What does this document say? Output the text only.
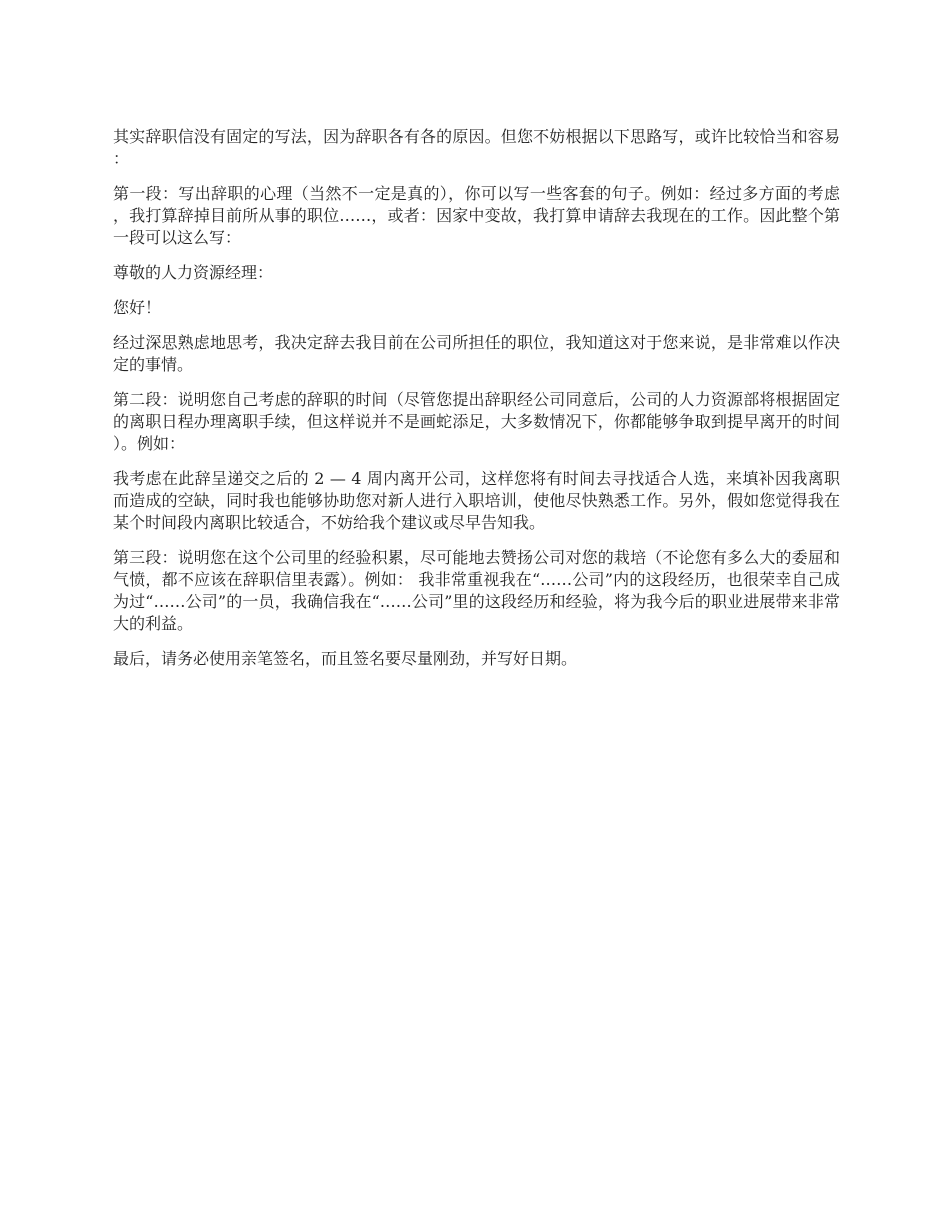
其实辞职信没有固定的写法，因为辞职各有各的原因。但您不妨根据以下思路写，或许比较恰当和容易：

第一段：写出辞职的心理（当然不一定是真的），你可以写一些客套的句子。例如：经过多方面的考虑，我打算辞掉目前所从事的职位……，或者：因家中变故，我打算申请辞去我现在的工作。因此整个第一段可以这么写：

尊敬的人力资源经理：

您好！

经过深思熟虑地思考，我决定辞去我目前在公司所担任的职位，我知道这对于您来说，是非常难以作决定的事情。

第二段：说明您自己考虑的辞职的时间（尽管您提出辞职经公司同意后，公司的人力资源部将根据固定的离职日程办理离职手续，但这样说并不是画蛇添足，大多数情况下，你都能够争取到提早离开的时间）。例如：

我考虑在此辞呈递交之后的 2 — 4 周内离开公司，这样您将有时间去寻找适合人选，来填补因我离职而造成的空缺，同时我也能够协助您对新人进行入职培训，使他尽快熟悉工作。另外，假如您觉得我在某个时间段内离职比较适合，不妨给我个建议或尽早告知我。

第三段：说明您在这个公司里的经验积累，尽可能地去赞扬公司对您的栽培（不论您有多么大的委屈和气愤，都不应该在辞职信里表露）。例如： 我非常重视我在“……公司”内的这段经历，也很荣幸自己成为过“……公司”的一员，我确信我在“……公司”里的这段经历和经验，将为我今后的职业进展带来非常大的利益。

最后，请务必使用亲笔签名，而且签名要尽量刚劲，并写好日期。
